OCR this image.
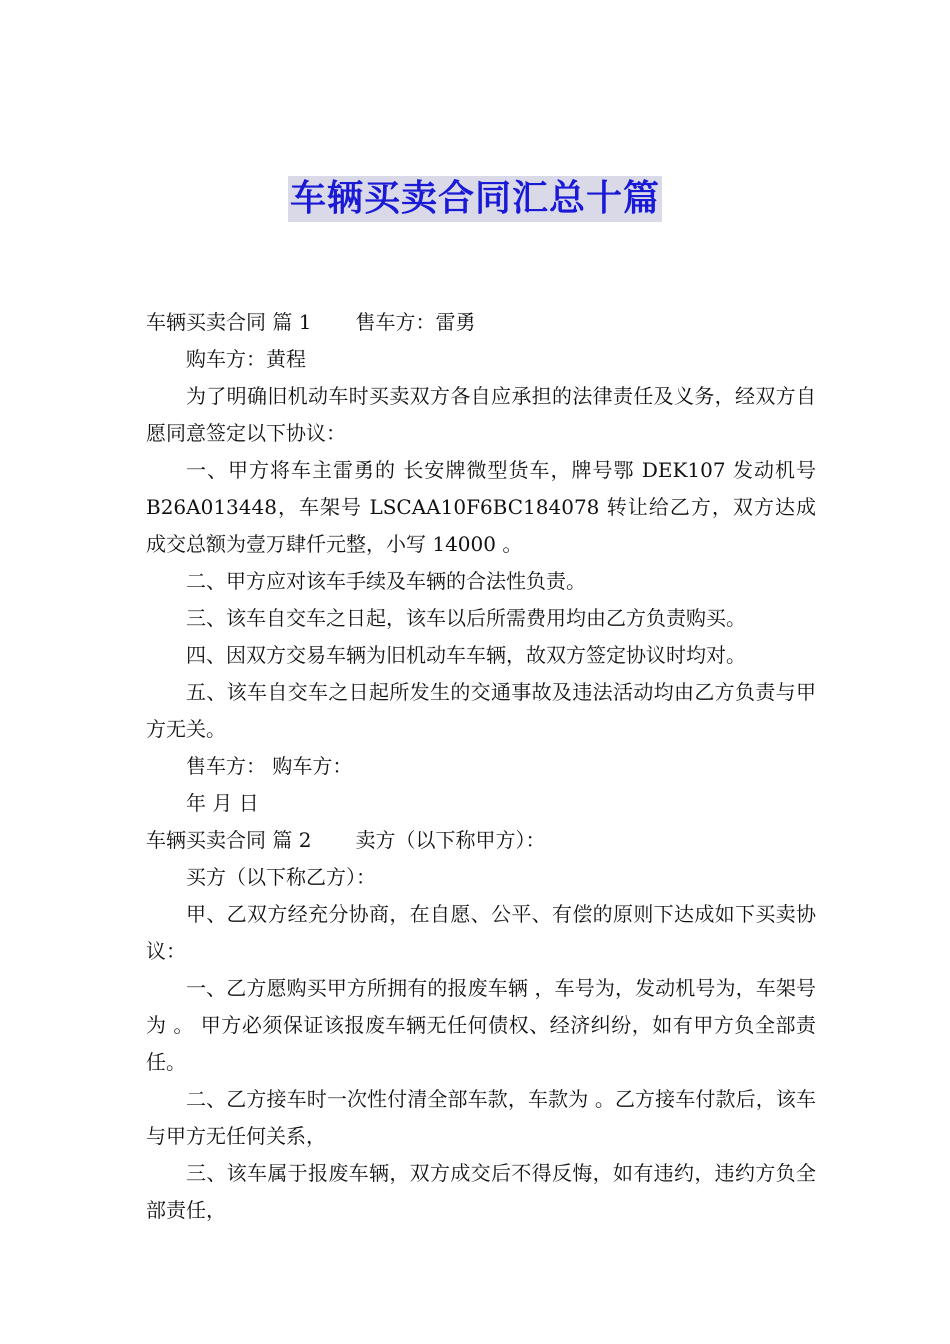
车辆买卖合同汇总十篇

车辆买卖合同 篇 1 售车方：雷勇

购车方：黄程

为了明确旧机动车时买卖双方各自应承担的法律责任及义务，经双方自愿同意签定以下协议：

一、甲方将车主雷勇的 长安牌微型货车，牌号鄂 DEK107 发动机号 B26A013448，车架号 LSCAA10F6BC184078 转让给乙方，双方达成成交总额为壹万肆仟元整，小写 14000 。

二、甲方应对该车手续及车辆的合法性负责。

三、该车自交车之日起，该车以后所需费用均由乙方负责购买。

四、因双方交易车辆为旧机动车车辆，故双方签定协议时均对。

五、该车自交车之日起所发生的交通事故及违法活动均由乙方负责与甲方无关。

售车方： 购车方：

年 月 日

车辆买卖合同 篇 2 卖方（以下称甲方）：

买方（以下称乙方）：

甲、乙双方经充分协商，在自愿、公平、有偿的原则下达成如下买卖协议：

一、乙方愿购买甲方所拥有的报废车辆 ，车号为，发动机号为，车架号为 。 甲方必须保证该报废车辆无任何债权、经济纠纷，如有甲方负全部责任。

二、乙方接车时一次性付清全部车款，车款为 。乙方接车付款后，该车与甲方无任何关系，

三、该车属于报废车辆，双方成交后不得反悔，如有违约，违约方负全部责任，
